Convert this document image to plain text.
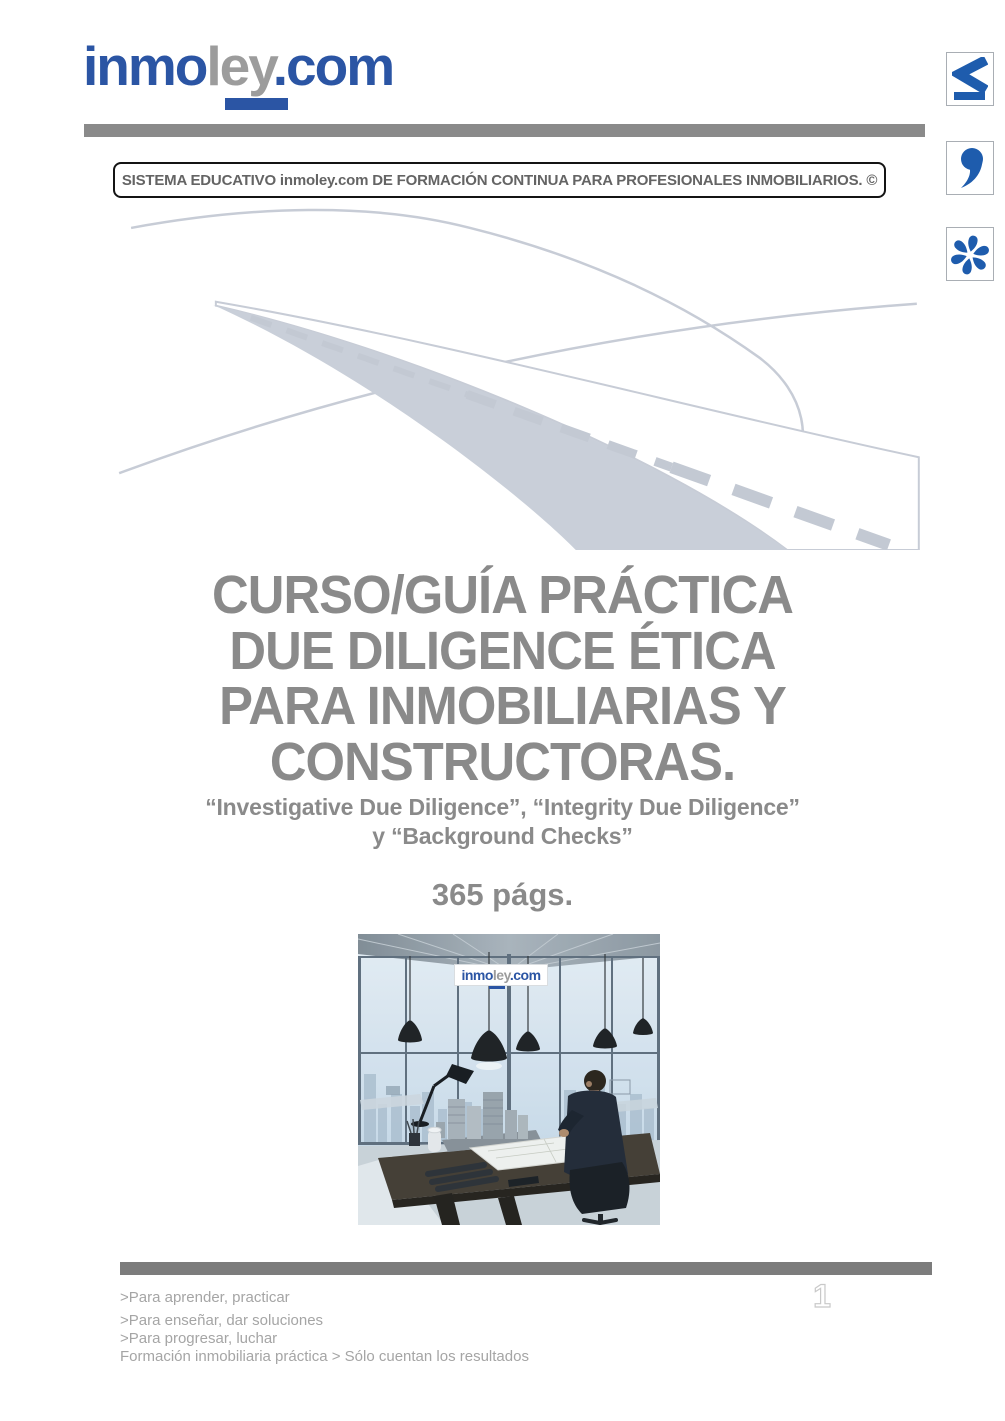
inmoley.com
SISTEMA EDUCATIVO inmoley.com DE FORMACIÓN CONTINUA PARA PROFESIONALES INMOBILIARIOS. ©
CURSO/GUÍA PRÁCTICA
DUE DILIGENCE ÉTICA
PARA INMOBILIARIAS Y
CONSTRUCTORAS.
“Investigative Due Diligence”, “Integrity Due Diligence”
y “Background Checks”
365 págs.
inmoley.com
>Para aprender, practicar
>Para enseñar, dar soluciones
>Para progresar, luchar
Formación inmobiliaria práctica > Sólo cuentan los resultados
1
